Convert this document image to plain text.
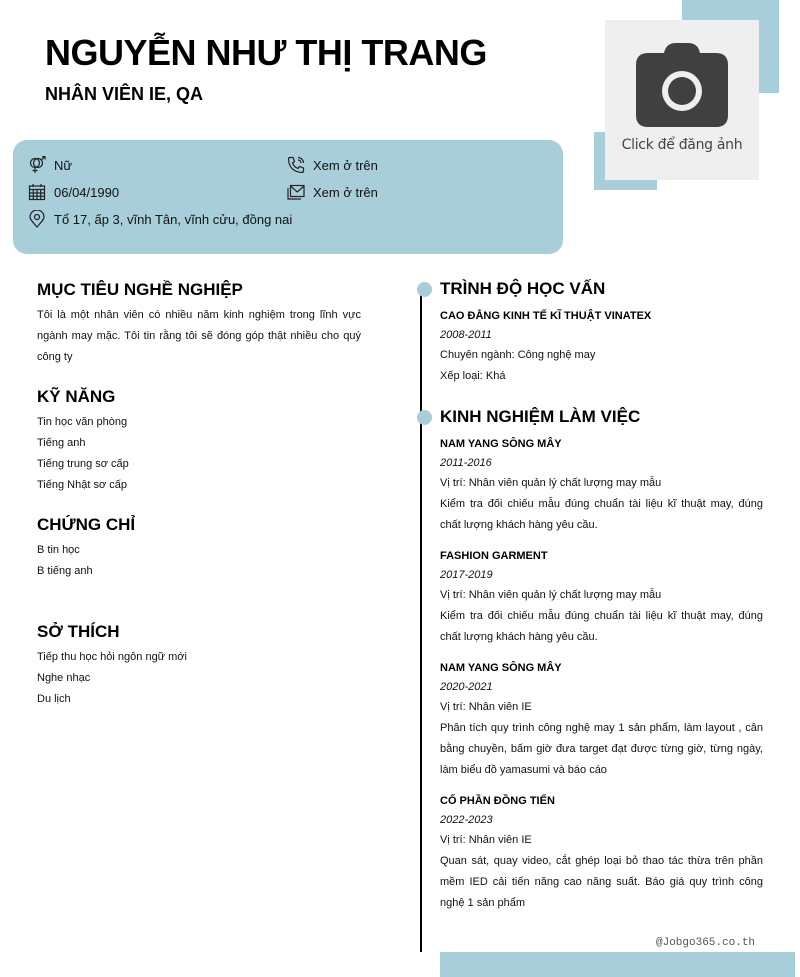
Click để đăng ảnh
NGUYỄN NHƯ THỊ TRANG
NHÂN VIÊN IE, QA
Nữ
06/04/1990
Tổ 17, ấp 3, vĩnh Tân, vĩnh cửu, đồng nai
Xem ở trên
Xem ở trên
MỤC TIÊU NGHỀ NGHIỆP

Tôi là một nhân viên có nhiều năm kinh nghiệm trong lĩnh vực ngành may mặc. Tôi tin rằng tôi sẽ đóng góp thật nhiều cho quý công ty

KỸ NĂNG
Tin học văn phòng
Tiếng anh
Tiếng trung sơ cấp
Tiếng Nhật sơ cấp
CHỨNG CHỈ
B tin học
B tiếng anh
SỞ THÍCH
Tiếp thu học hỏi ngôn ngữ mới
Nghe nhạc
Du lịch
TRÌNH ĐỘ HỌC VẤN
CAO ĐẲNG KINH TẾ KĨ THUẬT VINATEX
2008-2011
Chuyên ngành: Công nghệ may
Xếp loại: Khá
KINH NGHIỆM LÀM VIỆC
NAM YANG SÔNG MÂY
2011-2016
Vị trí: Nhân viên quản lý chất lượng may mẫu
Kiểm tra đối chiếu mẫu đúng chuẩn tài liệu kĩ thuật may, đúng chất lượng khách hàng yêu cầu.
FASHION GARMENT
2017-2019
Vị trí: Nhân viên quản lý chất lượng may mẫu
Kiểm tra đối chiếu mẫu đúng chuẩn tài liệu kĩ thuật may, đúng chất lượng khách hàng yêu cầu.
NAM YANG SÔNG MÂY
2020-2021
Vị trí: Nhân viên IE
Phân tích quy trình công nghệ may 1 sản phẩm, làm layout , cân bằng chuyền, bấm giờ đưa target đạt được từng giờ, từng ngày, làm biểu đồ yamasumi và báo cáo
CỐ PHẦN ĐỒNG TIẾN
2022-2023
Vị trí: Nhân viên IE
Quan sát, quay video, cắt ghép loại bỏ thao tác thừa trên phần mềm IED cải tiến năng cao năng suất. Báo giá quy trình công nghệ 1 sản phẩm
@Jobgo365.co.th
